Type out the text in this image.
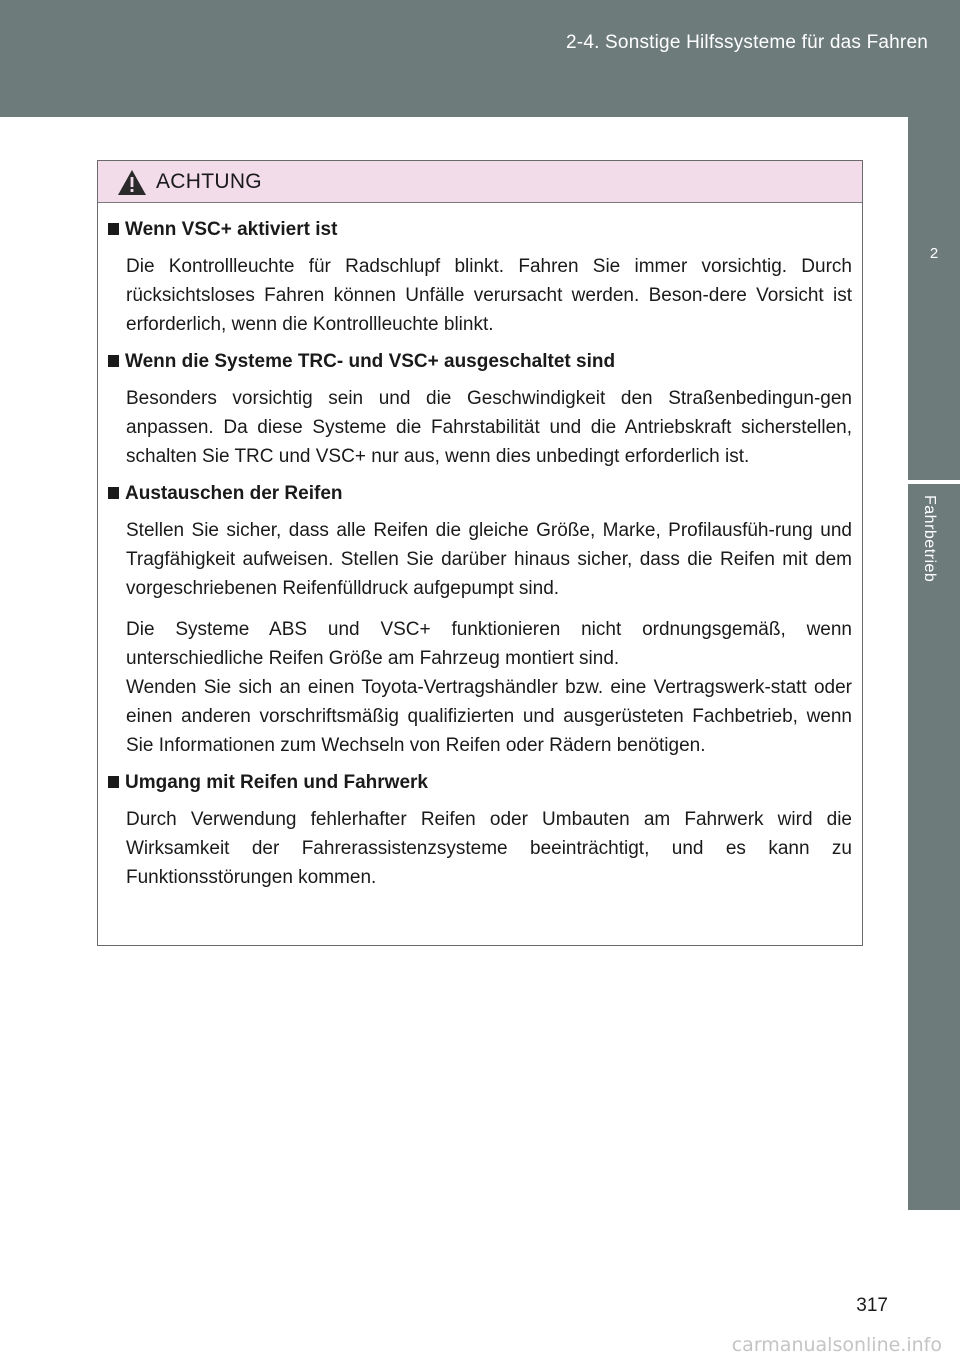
2-4. Sonstige Hilfssysteme für das Fahren
2
Fahrbetrieb
ACHTUNG
Wenn VSC+ aktiviert ist
Die Kontrollleuchte für Radschlupf blinkt. Fahren Sie immer vorsichtig. Durch rücksichtsloses Fahren können Unfälle verursacht werden. Beson-dere Vorsicht ist erforderlich, wenn die Kontrollleuchte blinkt.
Wenn die Systeme TRC- und VSC+ ausgeschaltet sind
Besonders vorsichtig sein und die Geschwindigkeit den Straßenbedingun-gen anpassen. Da diese Systeme die Fahrstabilität und die Antriebskraft sicherstellen, schalten Sie TRC und VSC+ nur aus, wenn dies unbedingt erforderlich ist.
Austauschen der Reifen
Stellen Sie sicher, dass alle Reifen die gleiche Größe, Marke, Profilausfüh-rung und Tragfähigkeit aufweisen. Stellen Sie darüber hinaus sicher, dass die Reifen mit dem vorgeschriebenen Reifenfülldruck aufgepumpt sind.
Die Systeme ABS und VSC+ funktionieren nicht ordnungsgemäß, wenn unterschiedliche Reifen Größe am Fahrzeug montiert sind.
Wenden Sie sich an einen Toyota-Vertragshändler bzw. eine Vertragswerk-statt oder einen anderen vorschriftsmäßig qualifizierten und ausgerüsteten Fachbetrieb, wenn Sie Informationen zum Wechseln von Reifen oder Rädern benötigen.
Umgang mit Reifen und Fahrwerk
Durch Verwendung fehlerhafter Reifen oder Umbauten am Fahrwerk wird die Wirksamkeit der Fahrerassistenzsysteme beeinträchtigt, und es kann zu Funktionsstörungen kommen.
317
carmanualsonline.info
